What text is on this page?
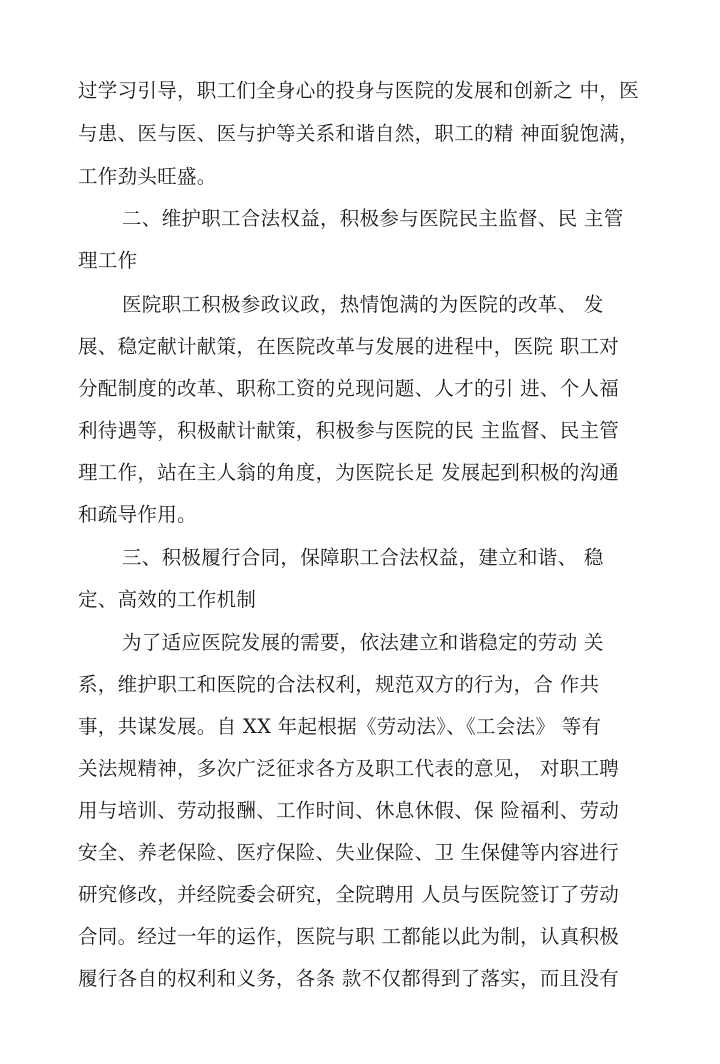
过学习引导，职工们全身心的投身与医院的发展和创新之 中，医
与患、医与医、医与护等关系和谐自然，职工的精 神面貌饱满，
工作劲头旺盛。
二、维护职工合法权益，积极参与医院民主监督、民 主管
理工作
医院职工积极参政议政，热情饱满的为医院的改革、 发
展、稳定献计献策，在医院改革与发展的进程中，医院 职工对
分配制度的改革、职称工资的兑现问题、人才的引 进、个人福
利待遇等，积极献计献策，积极参与医院的民 主监督、民主管
理工作，站在主人翁的角度，为医院长足 发展起到积极的沟通
和疏导作用。
三、积极履行合同，保障职工合法权益，建立和谐、 稳
定、高效的工作机制
为了适应医院发展的需要，依法建立和谐稳定的劳动 关
系，维护职工和医院的合法权利，规范双方的行为，合 作共
事，共谋发展。自 XX 年起根据《劳动法》、《工会法》 等有
关法规精神，多次广泛征求各方及职工代表的意见， 对职工聘
用与培训、劳动报酬、工作时间、休息休假、保 险福利、劳动
安全、养老保险、医疗保险、失业保险、卫 生保健等内容进行
研究修改，并经院委会研究，全院聘用 人员与医院签订了劳动
合同。经过一年的运作，医院与职 工都能以此为制，认真积极
履行各自的权利和义务，各条 款不仅都得到了落实，而且没有
